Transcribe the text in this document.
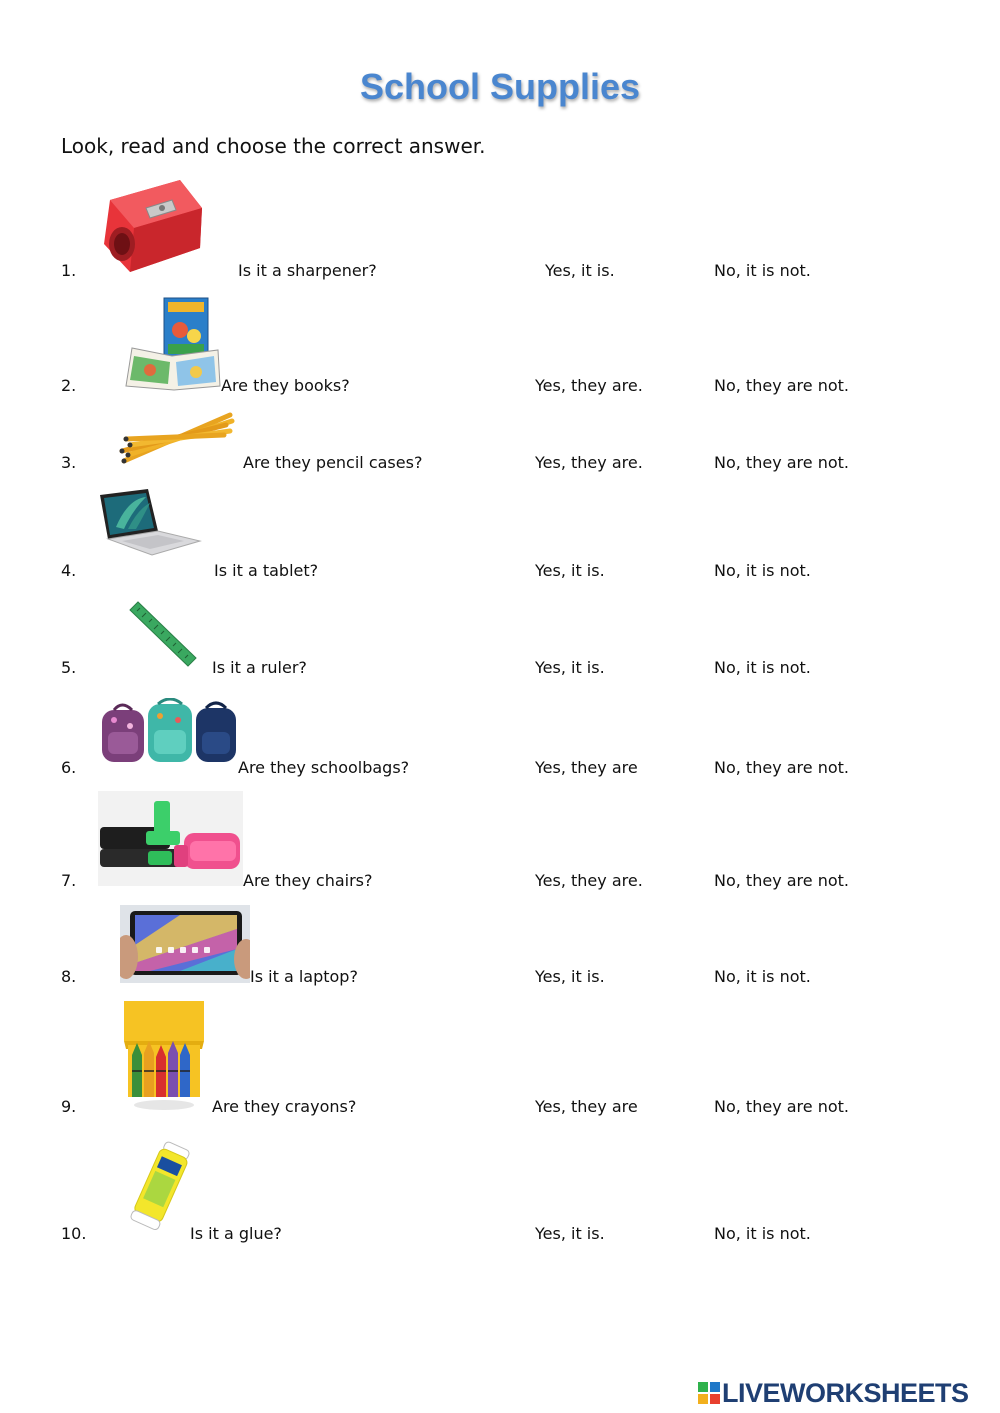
School Supplies
Look, read and choose the correct answer.
1.	Is it a sharpener?	Yes, it is.	No, it is not.
2.	Are they books?	Yes, they are.	No, they are not.
3.	Are they pencil cases?	Yes, they are.	No, they are not.
4.	Is it a tablet?	Yes, it is.	No, it is not.
5.	Is it a ruler?	Yes, it is.	No, it is not.
6.	Are they schoolbags?	Yes, they are	No, they are not.
7.	Are they chairs?	Yes, they are.	No, they are not.
8.	Is it a laptop?	Yes, it is.	No, it is not.
9.	Are they crayons?	Yes, they are	No, they are not.
10.	Is it a glue?	Yes, it is.	No, it is not.
LIVEWORKSHEETS
